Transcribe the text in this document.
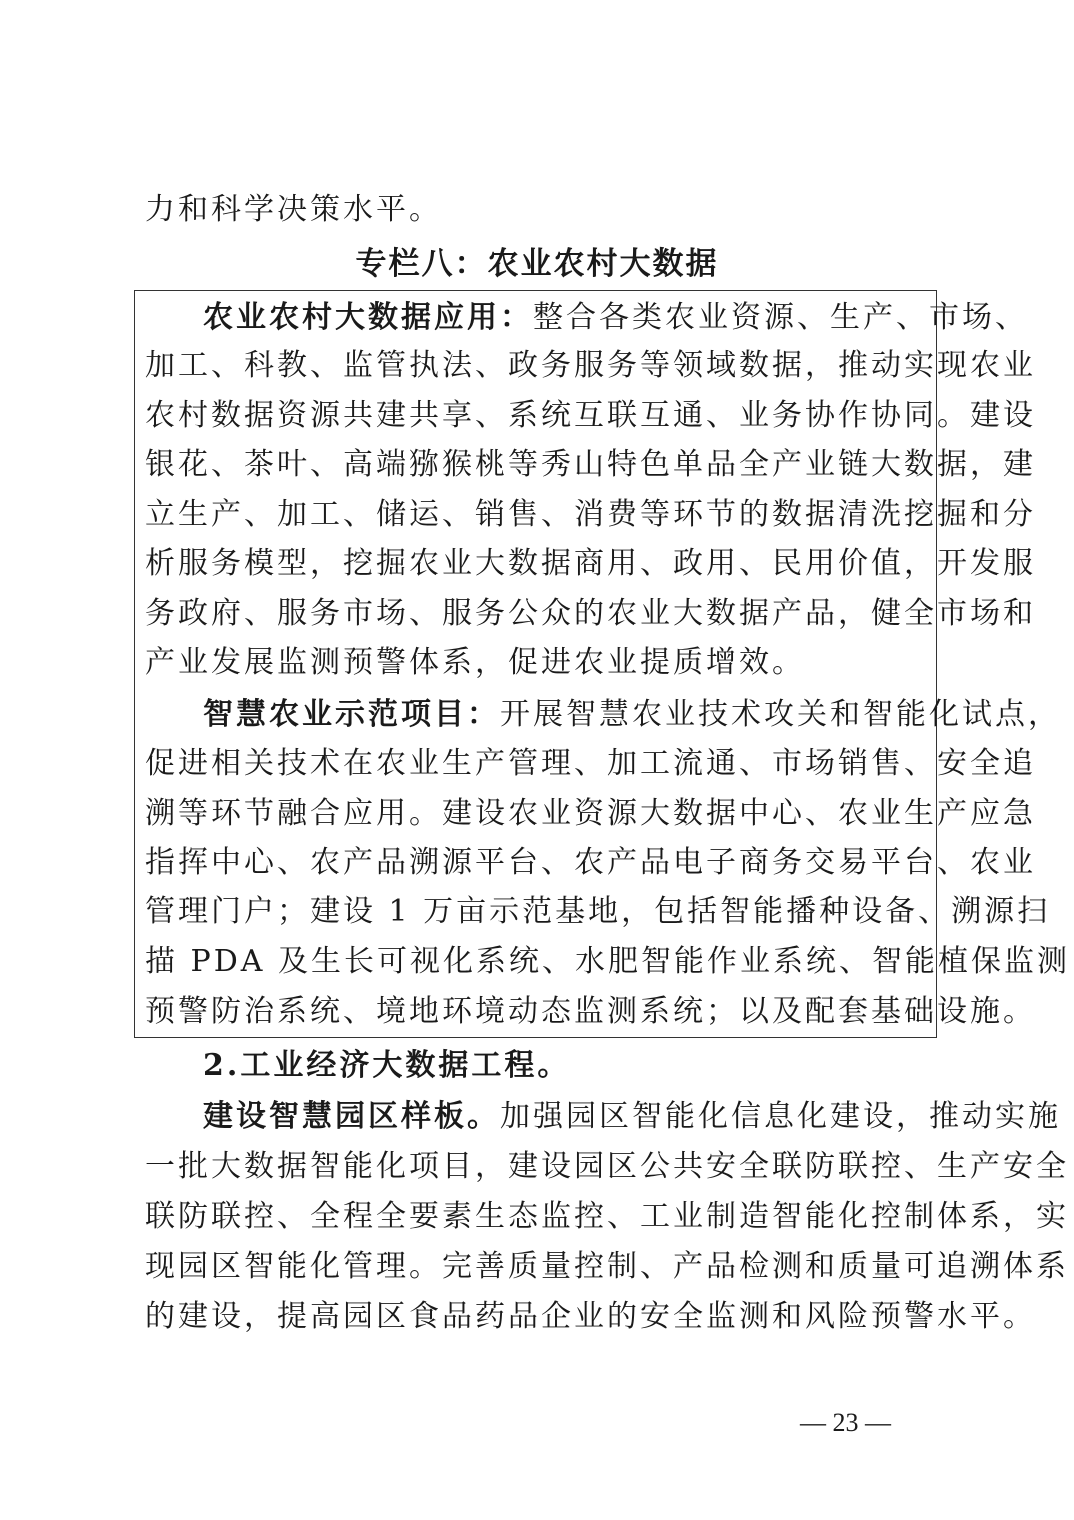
力和科学决策水平。
专栏八：农业农村大数据
农业农村大数据应用：整合各类农业资源、生产、市场、
加工、科教、监管执法、政务服务等领域数据，推动实现农业
农村数据资源共建共享、系统互联互通、业务协作协同。建设
银花、茶叶、高端猕猴桃等秀山特色单品全产业链大数据，建
立生产、加工、储运、销售、消费等环节的数据清洗挖掘和分
析服务模型，挖掘农业大数据商用、政用、民用价值，开发服
务政府、服务市场、服务公众的农业大数据产品，健全市场和
产业发展监测预警体系，促进农业提质增效。
智慧农业示范项目：开展智慧农业技术攻关和智能化试点，
促进相关技术在农业生产管理、加工流通、市场销售、安全追
溯等环节融合应用。建设农业资源大数据中心、农业生产应急
指挥中心、农产品溯源平台、农产品电子商务交易平台、农业
管理门户；建设 1 万亩示范基地，包括智能播种设备、溯源扫
描 PDA 及生长可视化系统、水肥智能作业系统、智能植保监测
预警防治系统、境地环境动态监测系统；以及配套基础设施。
2.工业经济大数据工程。
建设智慧园区样板。加强园区智能化信息化建设，推动实施
一批大数据智能化项目，建设园区公共安全联防联控、生产安全
联防联控、全程全要素生态监控、工业制造智能化控制体系，实
现园区智能化管理。完善质量控制、产品检测和质量可追溯体系
的建设，提高园区食品药品企业的安全监测和风险预警水平。
— 23 —
